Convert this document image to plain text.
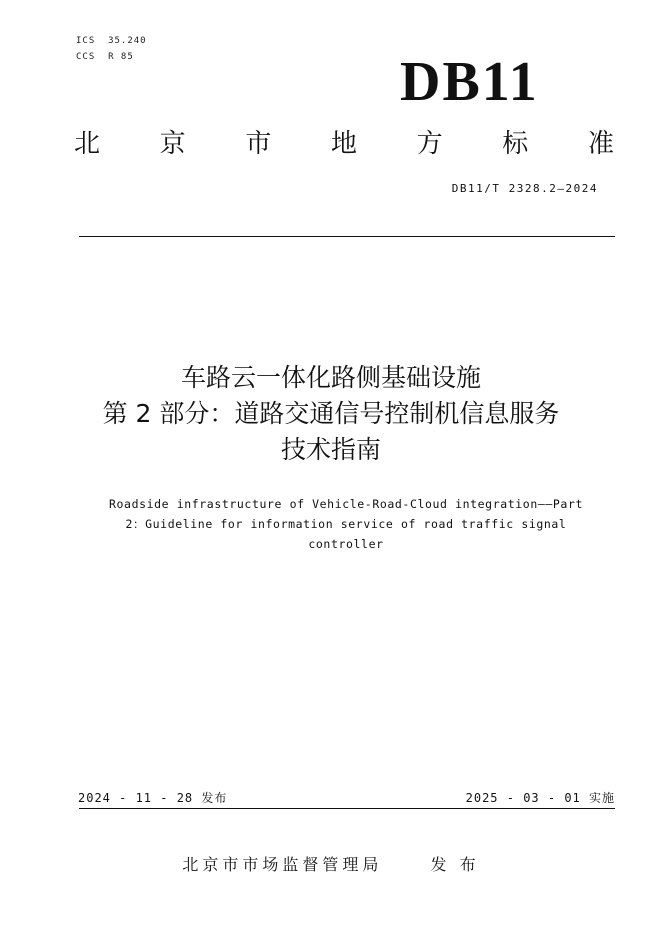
ICS  35.240
CCS  R 85	DB11
北 京 市 地 方 标 准
DB11/T 2328.2—2024
车路云一体化路侧基础设施
第 2 部分：道路交通信号控制机信息服务
技术指南
Roadside infrastructure of Vehicle-Road-Cloud integration——Part
2：Guideline for information service of road traffic signal
controller
2024 - 11 - 28 发布	2025 - 03 - 01 实施
北京市市场监督管理局	发 布
